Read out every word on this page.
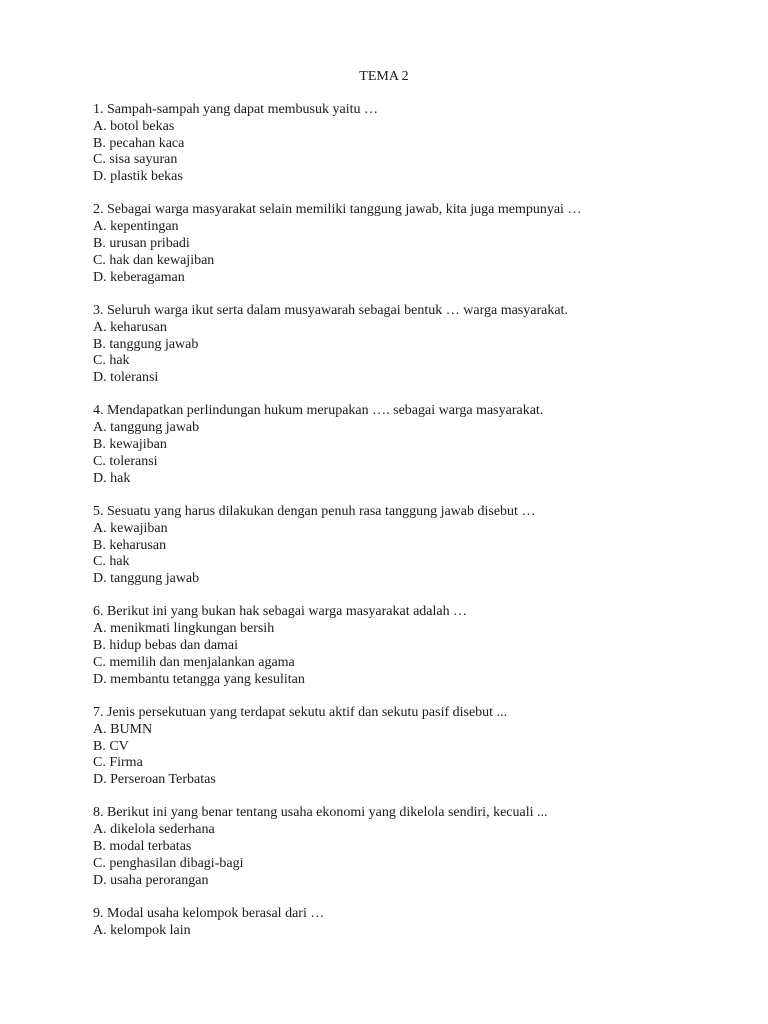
TEMA 2
1. Sampah-sampah yang dapat membusuk yaitu …
A. botol bekas
B. pecahan kaca
C. sisa sayuran
D. plastik bekas
2. Sebagai warga masyarakat selain memiliki tanggung jawab, kita juga mempunyai …
A. kepentingan
B. urusan pribadi
C. hak dan kewajiban
D. keberagaman
3. Seluruh warga ikut serta dalam musyawarah sebagai bentuk … warga masyarakat.
A. keharusan
B. tanggung jawab
C. hak
D. toleransi
4. Mendapatkan perlindungan hukum merupakan …. sebagai warga masyarakat.
A. tanggung jawab
B. kewajiban
C. toleransi
D. hak
5. Sesuatu yang harus dilakukan dengan penuh rasa tanggung jawab disebut …
A. kewajiban
B. keharusan
C. hak
D. tanggung jawab
6. Berikut ini yang bukan hak sebagai warga masyarakat adalah …
A. menikmati lingkungan bersih
B. hidup bebas dan damai
C. memilih dan menjalankan agama
D. membantu tetangga yang kesulitan
7. Jenis persekutuan yang terdapat sekutu aktif dan sekutu pasif disebut ...
A. BUMN
B. CV
C. Firma
D. Perseroan Terbatas
8. Berikut ini yang benar tentang usaha ekonomi yang dikelola sendiri, kecuali ...
A. dikelola sederhana
B. modal terbatas
C. penghasilan dibagi-bagi
D. usaha perorangan
9. Modal usaha kelompok berasal dari …
A. kelompok lain
